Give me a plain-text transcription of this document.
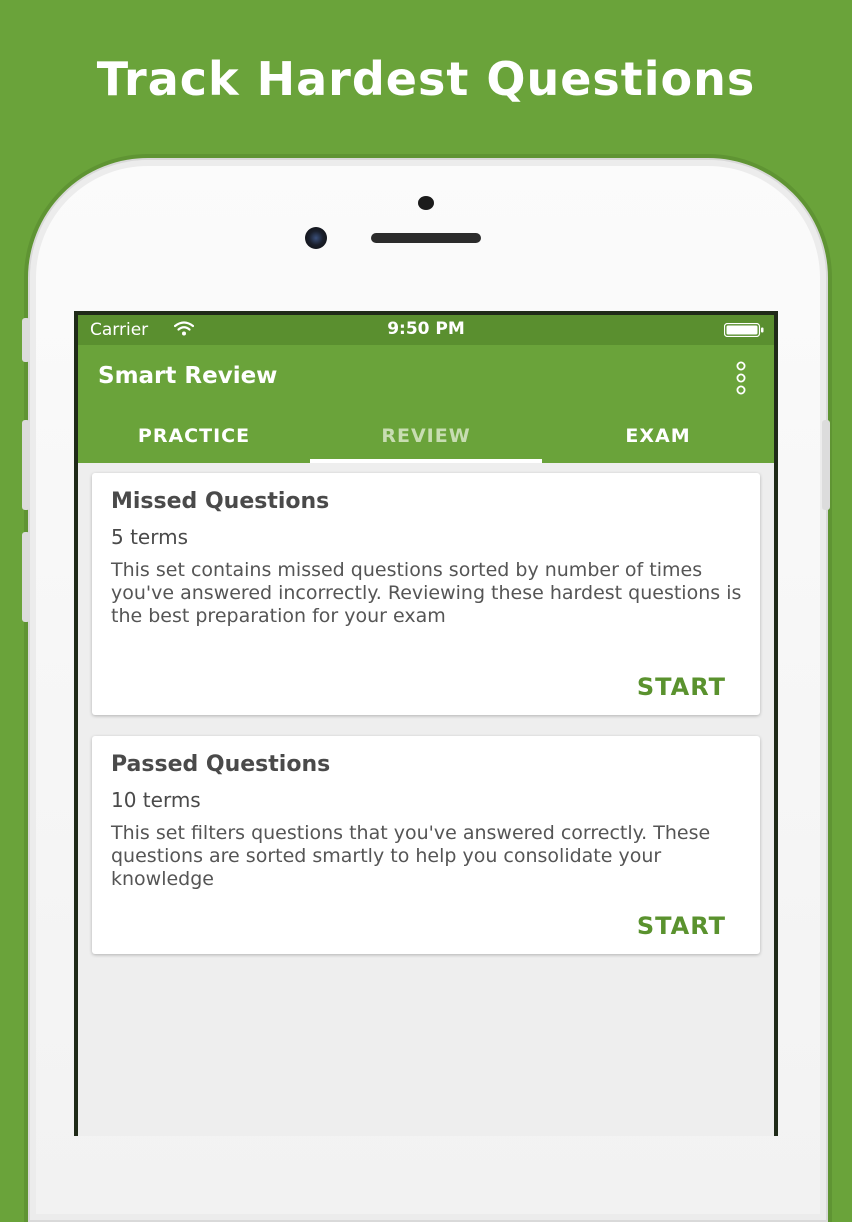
Track Hardest Questions
Carrier	9:50 PM
Smart Review
PRACTICE	REVIEW	EXAM
Missed Questions
5 terms
This set contains missed questions sorted by number of times you've answered incorrectly. Reviewing these hardest questions is the best preparation for your exam
START
Passed Questions
10 terms
This set filters questions that you've answered correctly. These questions are sorted smartly to help you consolidate your knowledge
START
